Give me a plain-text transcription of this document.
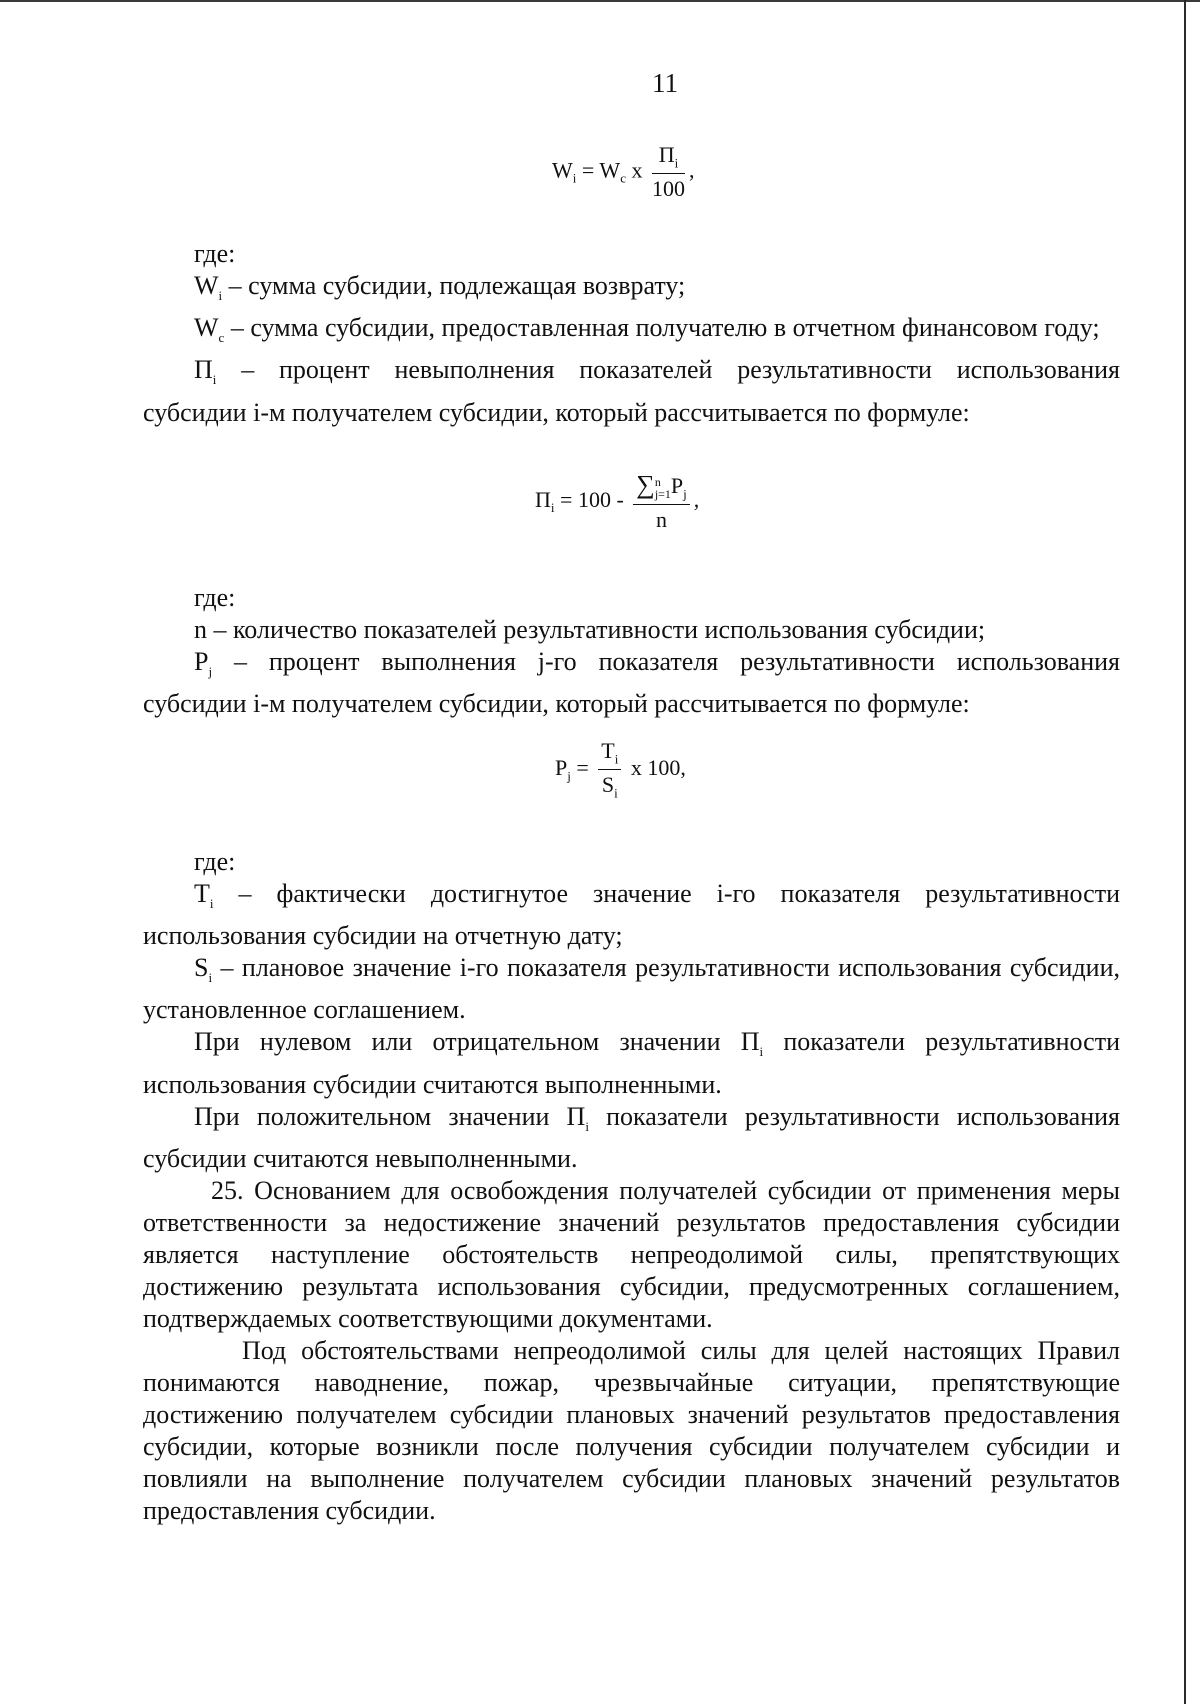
11
$W_i = W_c$ x $\frac{П_i}{100}$ ,

где:

$W_i$ – сумма субсидии, подлежащая возврату;

$W_c$ – сумма субсидии, предоставленная получателю в отчетном финансовом году;

$П_i$ – процент невыполнения показателей результативности использования субсидии i-м получателем субсидии, который рассчитывается по формуле:

$П_i = 100$ - ∑ n
j=1 $P_j$
n ,

где:

n – количество показателей результативности использования субсидии;

$P_j$ – процент выполнения j-го показателя результативности использования субсидии i-м получателем субсидии, который рассчитывается по формуле:

$P_j = \frac{T_i}{S_i}$ x 100,

где:

$T_i$ – фактически достигнутое значение i-го показателя результативности использования субсидии на отчетную дату;

$S_i$ – плановое значение i-го показателя результативности использования субсидии, установленное соглашением.

При нулевом или отрицательном значении $П_i$ показатели результативности использования субсидии считаются выполненными.

При положительном значении $П_i$ показатели результативности использования субсидии считаются невыполненными.

25. Основанием для освобождения получателей субсидии от применения меры ответственности за недостижение значений результатов предоставления субсидии является наступление обстоятельств непреодолимой силы, препятствующих достижению результата использования субсидии, предусмотренных соглашением, подтверждаемых соответствующими документами.

Под обстоятельствами непреодолимой силы для целей настоящих Правил понимаются наводнение, пожар, чрезвычайные ситуации, препятствующие достижению получателем субсидии плановых значений результатов предоставления субсидии, которые возникли после получения субсидии получателем субсидии и повлияли на выполнение получателем субсидии плановых значений результатов предоставления субсидии.
